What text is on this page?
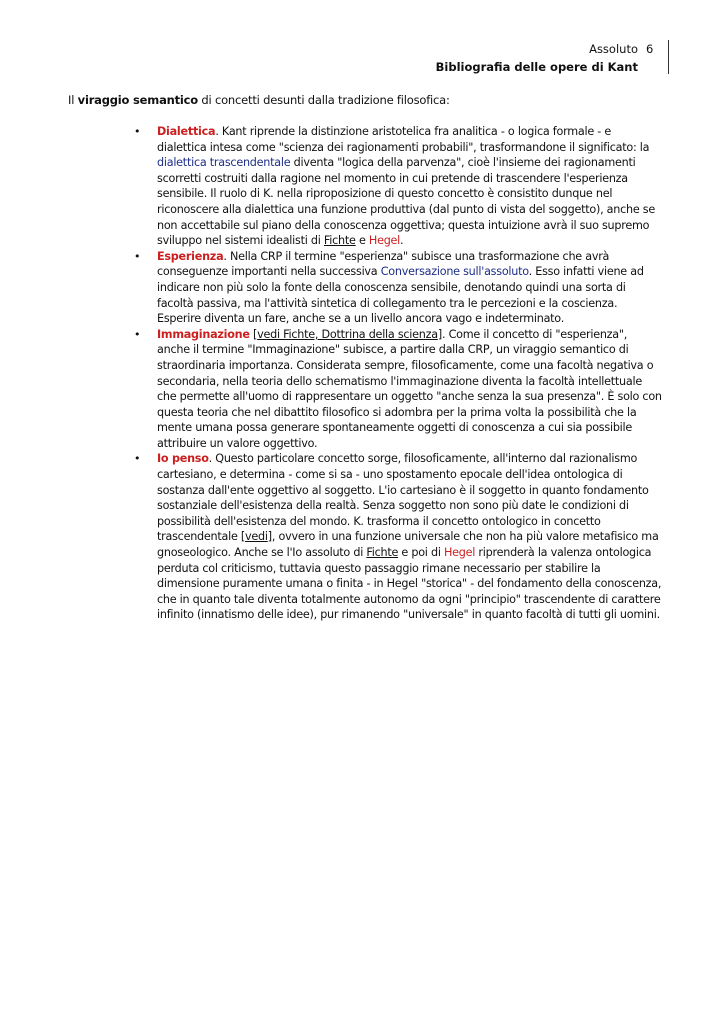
Assoluto 6
Bibliografia delle opere di Kant
Il viraggio semantico di concetti desunti dalla tradizione filosofica:
• Dialettica. Kant riprende la distinzione aristotelica fra analitica - o logica formale - e dialettica intesa come "scienza dei ragionamenti probabili", trasformandone il significato: la dialettica trascendentale diventa "logica della parvenza", cioè l'insieme dei ragionamenti scorretti costruiti dalla ragione nel momento in cui pretende di trascendere l'esperienza sensibile. Il ruolo di K. nella riproposizione di questo concetto è consistito dunque nel riconoscere alla dialettica una funzione produttiva (dal punto di vista del soggetto), anche se non accettabile sul piano della conoscenza oggettiva; questa intuizione avrà il suo supremo sviluppo nel sistemi idealisti di Fichte e Hegel.
• Esperienza. Nella CRP il termine "esperienza" subisce una trasformazione che avrà conseguenze importanti nella successiva Conversazione sull'assoluto. Esso infatti viene ad indicare non più solo la fonte della conoscenza sensibile, denotando quindi una sorta di facoltà passiva, ma l'attività sintetica di collegamento tra le percezioni e la coscienza. Esperire diventa un fare, anche se a un livello ancora vago e indeterminato.
• Immaginazione [vedi Fichte, Dottrina della scienza]. Come il concetto di "esperienza", anche il termine "Immaginazione" subisce, a partire dalla CRP, un viraggio semantico di straordinaria importanza. Considerata sempre, filosoficamente, come una facoltà negativa o secondaria, nella teoria dello schematismo l'immaginazione diventa la facoltà intellettuale che permette all'uomo di rappresentare un oggetto "anche senza la sua presenza". È solo con questa teoria che nel dibattito filosofico si adombra per la prima volta la possibilità che la mente umana possa generare spontaneamente oggetti di conoscenza a cui sia possibile attribuire un valore oggettivo.
• Io penso. Questo particolare concetto sorge, filosoficamente, all'interno dal razionalismo cartesiano, e determina - come si sa - uno spostamento epocale dell'idea ontologica di sostanza dall'ente oggettivo al soggetto. L'io cartesiano è il soggetto in quanto fondamento sostanziale dell'esistenza della realtà. Senza soggetto non sono più date le condizioni di possibilità dell'esistenza del mondo. K. trasforma il concetto ontologico in concetto trascendentale [vedi], ovvero in una funzione universale che non ha più valore metafisico ma gnoseologico. Anche se l'Io assoluto di Fichte e poi di Hegel riprenderà la valenza ontologica perduta col criticismo, tuttavia questo passaggio rimane necessario per stabilire la dimensione puramente umana o finita - in Hegel "storica" - del fondamento della conoscenza, che in quanto tale diventa totalmente autonomo da ogni "principio" trascendente di carattere infinito (innatismo delle idee), pur rimanendo "universale" in quanto facoltà di tutti gli uomini.
